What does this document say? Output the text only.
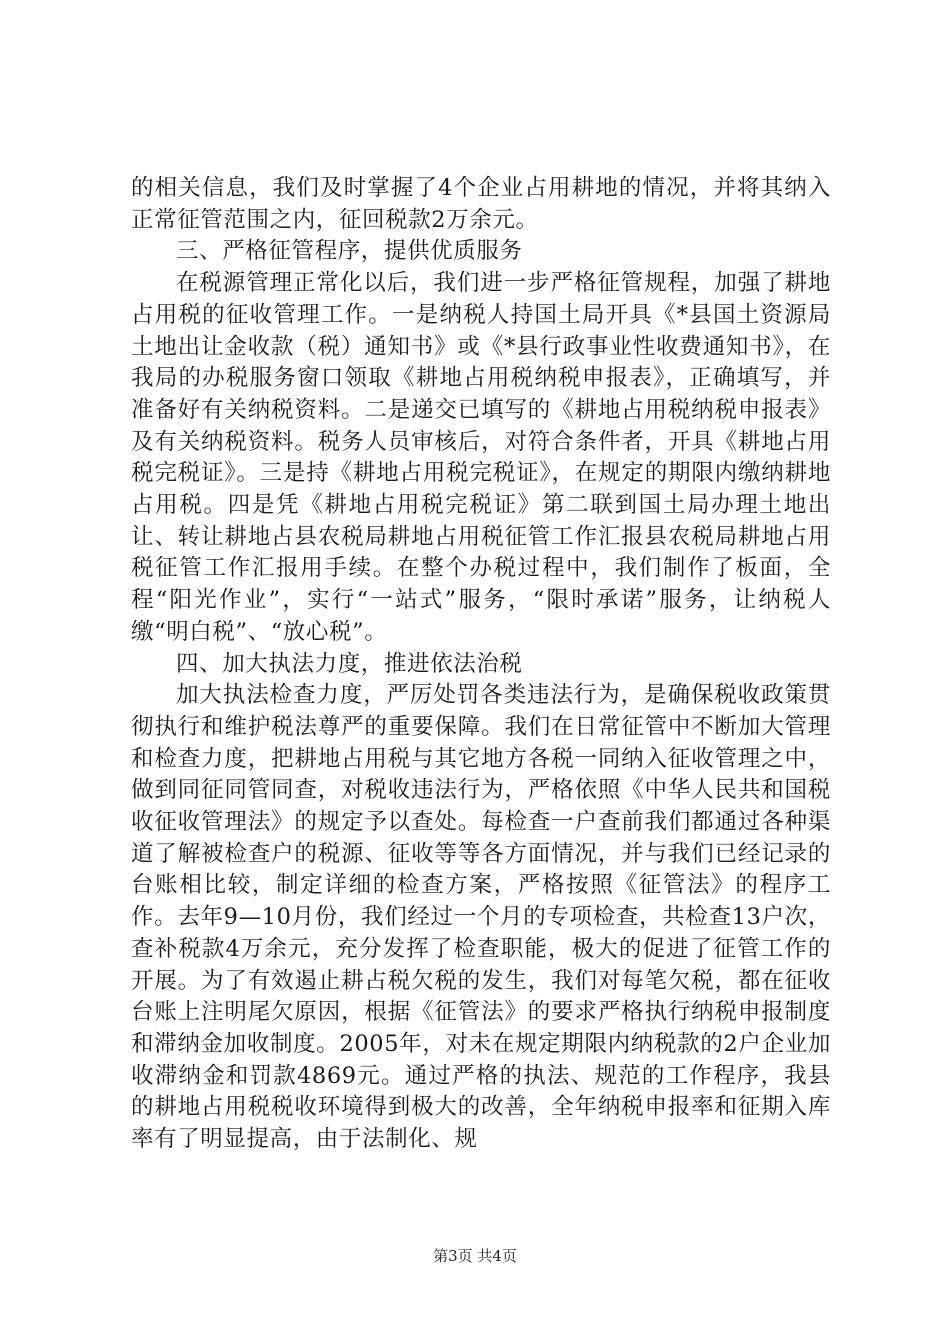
的相关信息，我们及时掌握了4个企业占用耕地的情况，并将其纳入正常征管范围之内，征回税款2万余元。

三、严格征管程序，提供优质服务

在税源管理正常化以后，我们进一步严格征管规程，加强了耕地占用税的征收管理工作。一是纳税人持国土局开具《*县国土资源局土地出让金收款（税）通知书》或《*县行政事业性收费通知书》，在我局的办税服务窗口领取《耕地占用税纳税申报表》，正确填写，并准备好有关纳税资料。二是递交已填写的《耕地占用税纳税申报表》及有关纳税资料。税务人员审核后，对符合条件者，开具《耕地占用税完税证》。三是持《耕地占用税完税证》，在规定的期限内缴纳耕地占用税。四是凭《耕地占用税完税证》第二联到国土局办理土地出让、转让耕地占县农税局耕地占用税征管工作汇报县农税局耕地占用税征管工作汇报用手续。在整个办税过程中，我们制作了板面，全程“阳光作业”，实行“一站式”服务，“限时承诺”服务，让纳税人缴“明白税”、“放心税”。

四、加大执法力度，推进依法治税

加大执法检查力度，严厉处罚各类违法行为，是确保税收政策贯彻执行和维护税法尊严的重要保障。我们在日常征管中不断加大管理和检查力度，把耕地占用税与其它地方各税一同纳入征收管理之中，做到同征同管同查，对税收违法行为，严格依照《中华人民共和国税收征收管理法》的规定予以查处。每检查一户查前我们都通过各种渠道了解被检查户的税源、征收等等各方面情况，并与我们已经记录的台账相比较，制定详细的检查方案，严格按照《征管法》的程序工作。去年9—10月份，我们经过一个月的专项检查，共检查13户次，查补税款4万余元，充分发挥了检查职能，极大的促进了征管工作的开展。为了有效遏止耕占税欠税的发生，我们对每笔欠税，都在征收台账上注明尾欠原因，根据《征管法》的要求严格执行纳税申报制度和滞纳金加收制度。2005年，对未在规定期限内纳税款的2户企业加收滞纳金和罚款4869元。通过严格的执法、规范的工作程序，我县的耕地占用税税收环境得到极大的改善，全年纳税申报率和征期入库率有了明显提高，由于法制化、规

第3页 共4页
